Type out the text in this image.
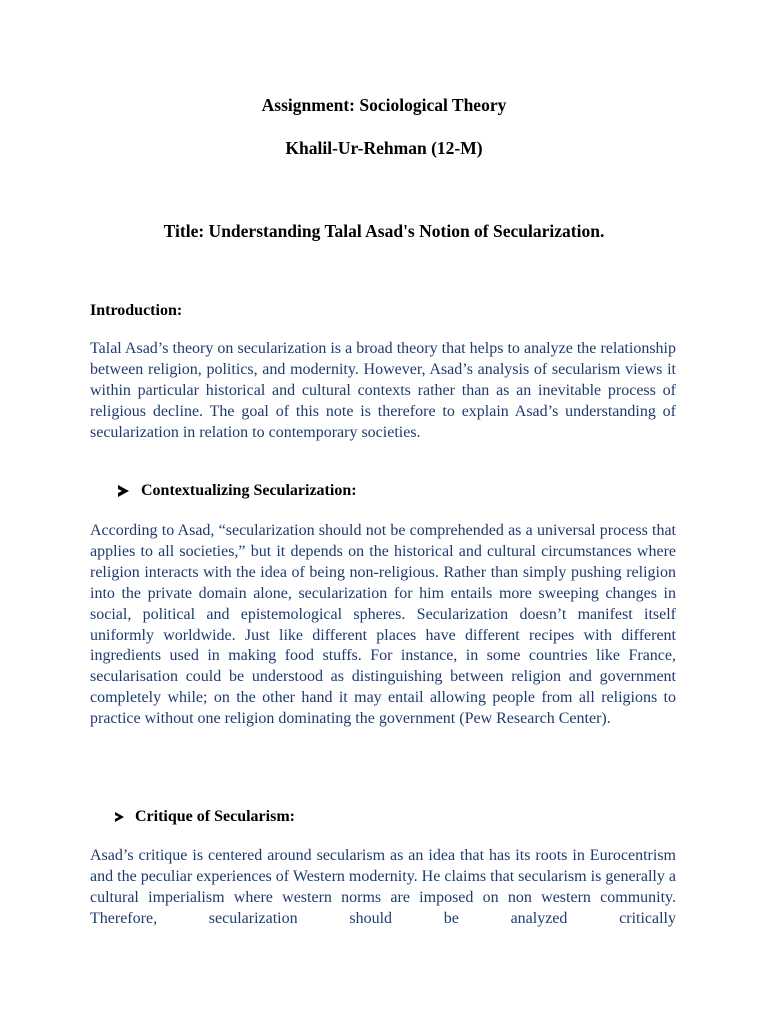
Assignment: Sociological Theory
Khalil-Ur-Rehman (12-M)
Title: Understanding Talal Asad's Notion of Secularization.
Introduction:
Talal Asad’s theory on secularization is a broad theory that helps to analyze the relationship between religion, politics, and modernity. However, Asad’s analysis of secularism views it within particular historical and cultural contexts rather than as an inevitable process of religious decline. The goal of this note is therefore to explain Asad’s understanding of secularization in relation to contemporary societies.
Contextualizing Secularization:
According to Asad, “secularization should not be comprehended as a universal process that applies to all societies,” but it depends on the historical and cultural circumstances where religion interacts with the idea of being non-religious. Rather than simply pushing religion into the private domain alone, secularization for him entails more sweeping changes in social, political and epistemological spheres. Secularization doesn’t manifest itself uniformly worldwide. Just like different places have different recipes with different ingredients used in making food stuffs. For instance, in some countries like France, secularisation could be understood as distinguishing between religion and government completely while; on the other hand it may entail allowing people from all religions to practice without one religion dominating the government (Pew Research Center).
Critique of Secularism:
Asad’s critique is centered around secularism as an idea that has its roots in Eurocentrism and the peculiar experiences of Western modernity. He claims that secularism is generally a cultural imperialism where western norms are imposed on non western community. Therefore, secularization should be analyzed critically
